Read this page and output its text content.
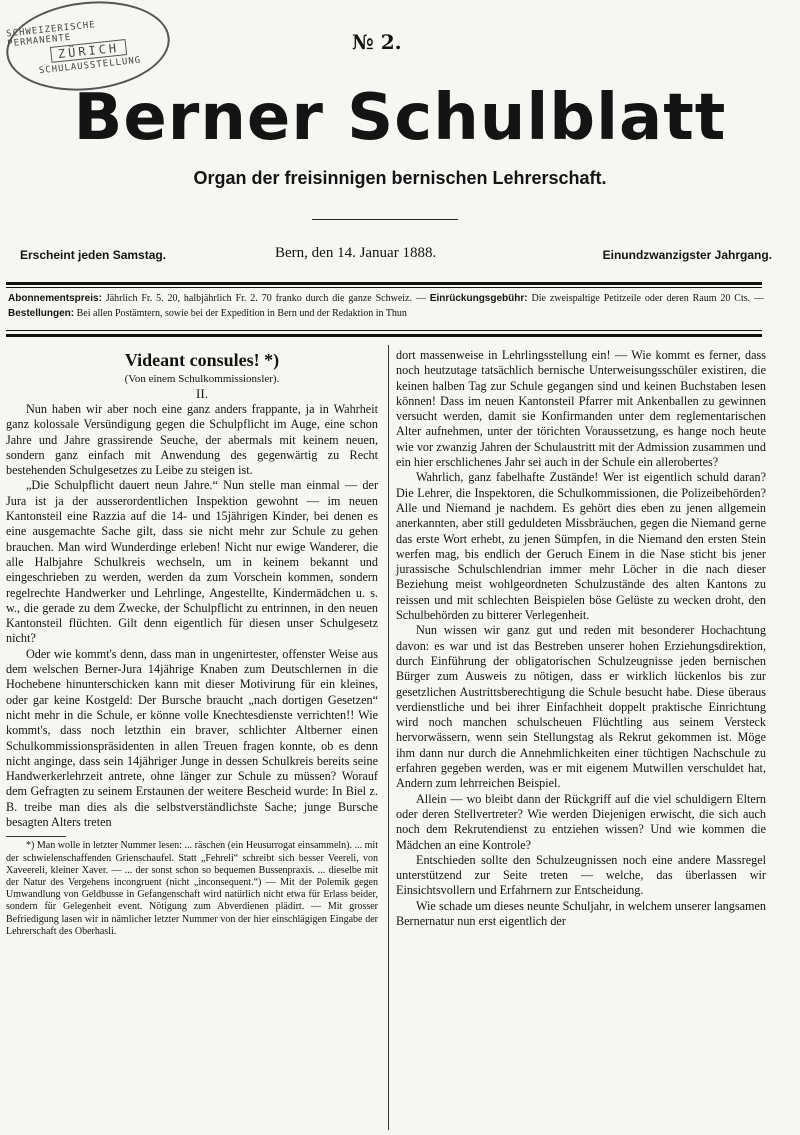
SCHWEIZERISCHE PERMANENTE
ZÜRICH
SCHULAUSSTELLUNG
№ 2.
Berner Schulblatt
Organ der freisinnigen bernischen Lehrerschaft.
Erscheint jeden Samstag.	Bern, den 14. Januar 1888.	Einundzwanzigster Jahrgang.
Abonnementspreis: Jährlich Fr. 5. 20, halbjährlich Fr. 2. 70 franko durch die ganze Schweiz. — Einrückungsgebühr: Die zweispaltige Petitzeile oder deren Raum 20 Cts. — Bestellungen: Bei allen Postämtern, sowie bei der Expedition in Bern und der Redaktion in Thun

Videant consules! *)

(Von einem Schulkommissionsler).

II.

Nun haben wir aber noch eine ganz anders frappante, ja in Wahrheit ganz kolossale Versündigung gegen die Schulpflicht im Auge, eine schon Jahre und Jahre grassirende Seuche, der abermals mit keinem neuen, sondern ganz einfach mit Anwendung des gegenwärtig zu Recht bestehenden Schulgesetzes zu Leibe zu steigen ist.

„Die Schulpflicht dauert neun Jahre.“ Nun stelle man einmal — der Jura ist ja der ausserordentlichen Inspektion gewohnt — im neuen Kantonsteil eine Razzia auf die 14- und 15jährigen Kinder, bei denen es eine ausgemachte Sache gilt, dass sie nicht mehr zur Schule zu gehen brauchen. Man wird Wunderdinge erleben! Nicht nur ewige Wanderer, die alle Halbjahre Schulkreis wechseln, um in keinem bekannt und eingeschrieben zu werden, werden da zum Vorschein kommen, sondern regelrechte Handwerker und Lehrlinge, Angestellte, Kindermädchen u. s. w., die gerade zu dem Zwecke, der Schulpflicht zu entrinnen, in den neuen Kantonsteil flüchten. Gilt denn eigentlich für diesen unser Schulgesetz nicht?

Oder wie kommt's denn, dass man in ungenirtester, offenster Weise aus dem welschen Berner-Jura 14jährige Knaben zum Deutschlernen in die Hochebene hinunterschicken kann mit dieser Motivirung für ein kleines, oder gar keine Kostgeld: Der Bursche braucht „nach dortigen Gesetzen“ nicht mehr in die Schule, er könne volle Knechtesdienste verrichten!! Wie kommt's, dass noch letzthin ein braver, schlichter Altberner einen Schulkommissionspräsidenten in allen Treuen fragen konnte, ob es denn nicht anginge, dass sein 14jähriger Junge in dessen Schulkreis bereits seine Handwerkerlehrzeit antrete, ohne länger zur Schule zu müssen? Worauf dem Gefragten zu seinem Erstaunen der weitere Bescheid wurde: In Biel z. B. treibe man dies als die selbstverständlichste Sache; junge Bursche besagten Alters treten

*) Man wolle in letzter Nummer lesen: ... räschen (ein Heusurrogat einsammeln). ... mit der schwielenschaffenden Grienschaufel. Statt „Fehreli“ schreibt sich besser Veereli, von Xaveereli, kleiner Xaver. — ... der sonst schon so bequemen Bussenpraxis. ... dieselbe mit der Natur des Vergehens incongruent (nicht „inconsequent.“) — Mit der Polemik gegen Umwandlung von Geldbusse in Gefangenschaft wird natürlich nicht etwa für Erlass beider, sondern für Gelegenheit event. Nötigung zum Abverdienen plädirt. — Mit grosser Befriedigung lasen wir in nämlicher letzter Nummer von der hier einschlägigen Eingabe der Lehrerschaft des Oberhasli.

dort massenweise in Lehrlingsstellung ein! — Wie kommt es ferner, dass noch heutzutage tatsächlich bernische Unterweisungsschüler existiren, die keinen halben Tag zur Schule gegangen sind und keinen Buchstaben lesen können! Dass im neuen Kantonsteil Pfarrer mit Ankenballen zu gewinnen versucht werden, damit sie Konfirmanden unter dem reglementarischen Alter aufnehmen, unter der törichten Voraussetzung, es hange noch heute wie vor zwanzig Jahren der Schulaustritt mit der Admission zusammen und ein hier erschlichenes Jahr sei auch in der Schule ein allerobertes?

Wahrlich, ganz fabelhafte Zustände! Wer ist eigentlich schuld daran? Die Lehrer, die Inspektoren, die Schulkommissionen, die Polizeibehörden? Alle und Niemand je nachdem. Es gehört dies eben zu jenen allgemein anerkannten, aber still geduldeten Missbräuchen, gegen die Niemand gerne das erste Wort erhebt, zu jenen Sümpfen, in die Niemand den ersten Stein werfen mag, bis endlich der Geruch Einem in die Nase sticht bis jener jurassische Schulschlendrian immer mehr Löcher in die nach dieser Beziehung meist wohlgeordneten Schulzustände des alten Kantons zu reissen und mit schlechten Beispielen böse Gelüste zu wecken droht, den Schulbehörden zu bitterer Verlegenheit.

Nun wissen wir ganz gut und reden mit besonderer Hochachtung davon: es war und ist das Bestreben unserer hohen Erziehungsdirektion, durch Einführung der obligatorischen Schulzeugnisse jeden bernischen Bürger zum Ausweis zu nötigen, dass er wirklich lückenlos bis zur gesetzlichen Austrittsberechtigung die Schule besucht habe. Diese überaus verdienstliche und bei ihrer Einfachheit doppelt praktische Einrichtung wird noch manchen schulscheuen Flüchtling aus seinem Versteck hervorwässern, wenn sein Stellungstag als Rekrut gekommen ist. Möge ihm dann nur durch die Annehmlichkeiten einer tüchtigen Nachschule zu erfahren gegeben werden, was er mit eigenem Mutwillen verschuldet hat, Andern zum lehrreichen Beispiel.

Allein — wo bleibt dann der Rückgriff auf die viel schuldigern Eltern oder deren Stellvertreter? Wie werden Diejenigen erwischt, die sich auch noch dem Rekrutendienst zu entziehen wissen? Und wie kommen die Mädchen an eine Kontrole?

Entschieden sollte den Schulzeugnissen noch eine andere Massregel unterstützend zur Seite treten — welche, das überlassen wir Einsichtsvollern und Erfahrnern zur Entscheidung.

Wie schade um dieses neunte Schuljahr, in welchem unserer langsamen Bernernatur nun erst eigentlich der
